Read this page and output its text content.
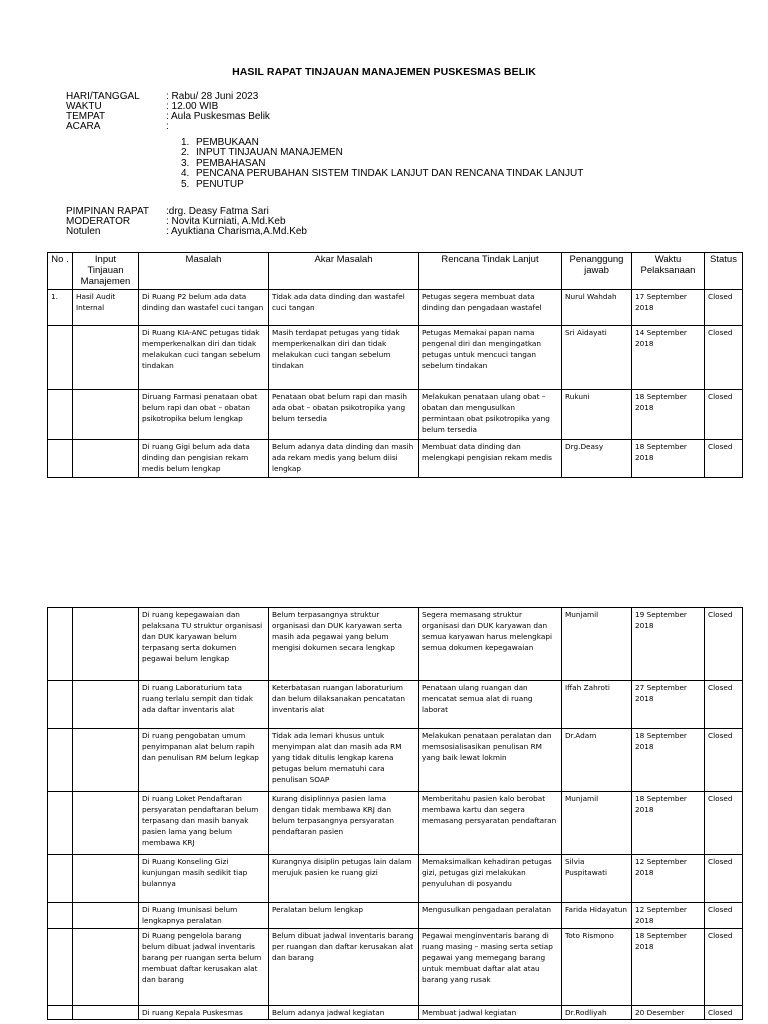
HASIL RAPAT TINJAUAN MANAJEMEN PUSKESMAS BELIK
HARI/TANGGAL	: Rabu/ 28 Juni 2023
WAKTU	: 12.00 WIB
TEMPAT	: Aula Puskesmas Belik
ACARA	:
1. PEMBUKAAN
2. INPUT TINJAUAN MANAJEMEN
3. PEMBAHASAN
4. PENCANA PERUBAHAN SISTEM TINDAK LANJUT DAN RENCANA TINDAK LANJUT
5. PENUTUP
PIMPINAN RAPAT :drg. Deasy Fatma Sari
MODERATOR	: Novita Kurniati, A.Md.Keb
Notulen	: Ayuktiana Charisma,A.Md.Keb
No .	Input Tinjauan Manajemen	Masalah	Akar Masalah	Rencana Tindak Lanjut	Penanggung jawab	Waktu Pelaksanaan	Status
1.	Hasil Audit Internal	Di Ruang P2 belum ada data dinding dan wastafel cuci tangan	Tidak ada data dinding dan wastafel cuci tangan	Petugas segera membuat data dinding dan pengadaan wastafel	Nurul Wahdah	17 September 2018	Closed
		Di Ruang KIA-ANC petugas tidak memperkenalkan diri dan tidak melakukan cuci tangan sebelum tindakan	Masih terdapat petugas yang tidak memperkenalkan diri dan tidak melakukan cuci tangan sebelum tindakan	Petugas Memakai papan nama pengenal diri dan mengingatkan petugas untuk mencuci tangan sebelum tindakan	Sri Aidayati	14 September 2018	Closed
		Diruang Farmasi penataan obat belum rapi dan obat – obatan psikotropika belum lengkap	Penataan obat belum rapi dan masih ada obat – obatan psikotropika yang belum tersedia	Melakukan penataan ulang obat – obatan dan mengusulkan permintaan obat psikotropika yang belum tersedia	Rukuni	18 September 2018	Closed
		Di ruang Gigi belum ada data dinding dan pengisian rekam medis belum lengkap	Belum adanya data dinding dan masih ada rekam medis yang belum diisi lengkap	Membuat data dinding dan melengkapi pengisian rekam medis	Drg.Deasy	18 September 2018	Closed
		Di ruang kepegawaian dan pelaksana TU struktur organisasi dan DUK karyawan belum terpasang serta dokumen pegawai belum lengkap	Belum terpasangnya struktur organisasi dan DUK karyawan serta masih ada pegawai yang belum mengisi dokumen secara lengkap	Segera memasang struktur organisasi dan DUK karyawan dan semua karyawan harus melengkapi semua dokumen kepegawaian	Munjamil	19 September 2018	Closed
		Di ruang Laboraturium tata ruang terlalu sempit dan tidak ada daftar inventaris alat	Keterbatasan ruangan laboraturium dan belum dilaksanakan pencatatan inventaris alat	Penataan ulang ruangan dan mencatat semua alat di ruang laborat	Iffah Zahroti	27 September 2018	Closed
		Di ruang pengobatan umum penyimpanan alat belum rapih dan penulisan RM belum legkap	Tidak ada lemari khusus untuk menyimpan alat dan masih ada RM yang tidak ditulis lengkap karena petugas belum mematuhi cara penulisan SOAP	Melakukan penataan peralatan dan memsosialisasikan penulisan RM yang baik lewat lokmin	Dr.Adam	18 September 2018	Closed
		Di ruang Loket Pendaftaran persyaratan pendaftaran belum terpasang dan masih banyak pasien lama yang belum membawa KRJ	Kurang disiplinnya pasien lama dengan tidak membawa KRJ dan belum terpasangnya persyaratan pendaftaran pasien	Memberitahu pasien kalo berobat membawa kartu dan segera memasang persyaratan pendaftaran	Munjamil	18 September 2018	Closed
		Di Ruang Konseling Gizi kunjungan masih sedikit tiap bulannya	Kurangnya disiplin petugas lain dalam merujuk pasien ke ruang gizi	Memaksimalkan kehadiran petugas gizi, petugas gizi melakukan penyuluhan di posyandu	Silvia Puspitawati	12 September 2018	Closed
		Di Ruang Imunisasi belum lengkapnya peralatan	Peralatan belum lengkap	Mengusulkan pengadaan peralatan	Farida Hidayatun	12 September 2018	Closed
		Di Ruang pengelola barang belum dibuat jadwal inventaris barang per ruangan serta belum membuat daftar kerusakan alat dan barang	Belum dibuat jadwal inventaris barang per ruangan dan daftar kerusakan alat dan barang	Pegawai menginventaris barang di ruang masing – masing serta setiap pegawai yang memegang barang untuk membuat daftar alat atau barang yang rusak	Toto Rismono	18 September 2018	Closed
		Di ruang Kepala Puskesmas	Belum adanya jadwal kegiatan	Membuat jadwal kegiatan	Dr.Rodliyah	20 Desember	Closed
